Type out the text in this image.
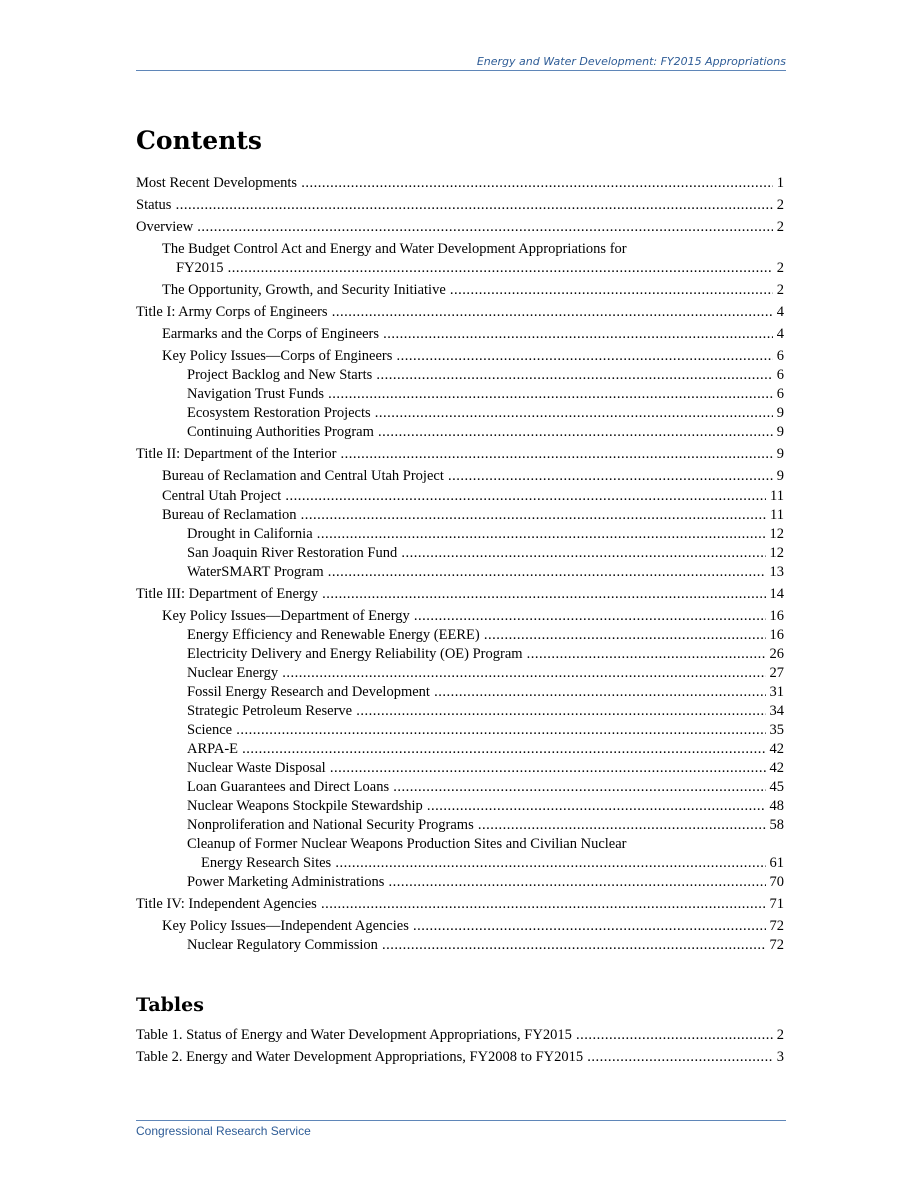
Energy and Water Development: FY2015 Appropriations
Contents
Most Recent Developments .....	1
Status .....	2
Overview .....	2
The Budget Control Act and Energy and Water Development Appropriations for
FY2015 .....	2
The Opportunity, Growth, and Security Initiative .....	2
Title I: Army Corps of Engineers .....	4
Earmarks and the Corps of Engineers .....	4
Key Policy Issues—Corps of Engineers .....	6
Project Backlog and New Starts .....	6
Navigation Trust Funds .....	6
Ecosystem Restoration Projects .....	9
Continuing Authorities Program .....	9
Title II: Department of the Interior .....	9
Bureau of Reclamation and Central Utah Project .....	9
Central Utah Project .....	11
Bureau of Reclamation .....	11
Drought in California .....	12
San Joaquin River Restoration Fund .....	12
WaterSMART Program .....	13
Title III: Department of Energy .....	14
Key Policy Issues—Department of Energy .....	16
Energy Efficiency and Renewable Energy (EERE) .....	16
Electricity Delivery and Energy Reliability (OE) Program .....	26
Nuclear Energy .....	27
Fossil Energy Research and Development .....	31
Strategic Petroleum Reserve .....	34
Science .....	35
ARPA-E .....	42
Nuclear Waste Disposal .....	42
Loan Guarantees and Direct Loans .....	45
Nuclear Weapons Stockpile Stewardship .....	48
Nonproliferation and National Security Programs .....	58
Cleanup of Former Nuclear Weapons Production Sites and Civilian Nuclear
Energy Research Sites .....	61
Power Marketing Administrations .....	70
Title IV: Independent Agencies .....	71
Key Policy Issues—Independent Agencies .....	72
Nuclear Regulatory Commission .....	72
Tables
Table 1. Status of Energy and Water Development Appropriations, FY2015 .....	2
Table 2. Energy and Water Development Appropriations, FY2008 to FY2015 .....	3
Congressional Research Service
